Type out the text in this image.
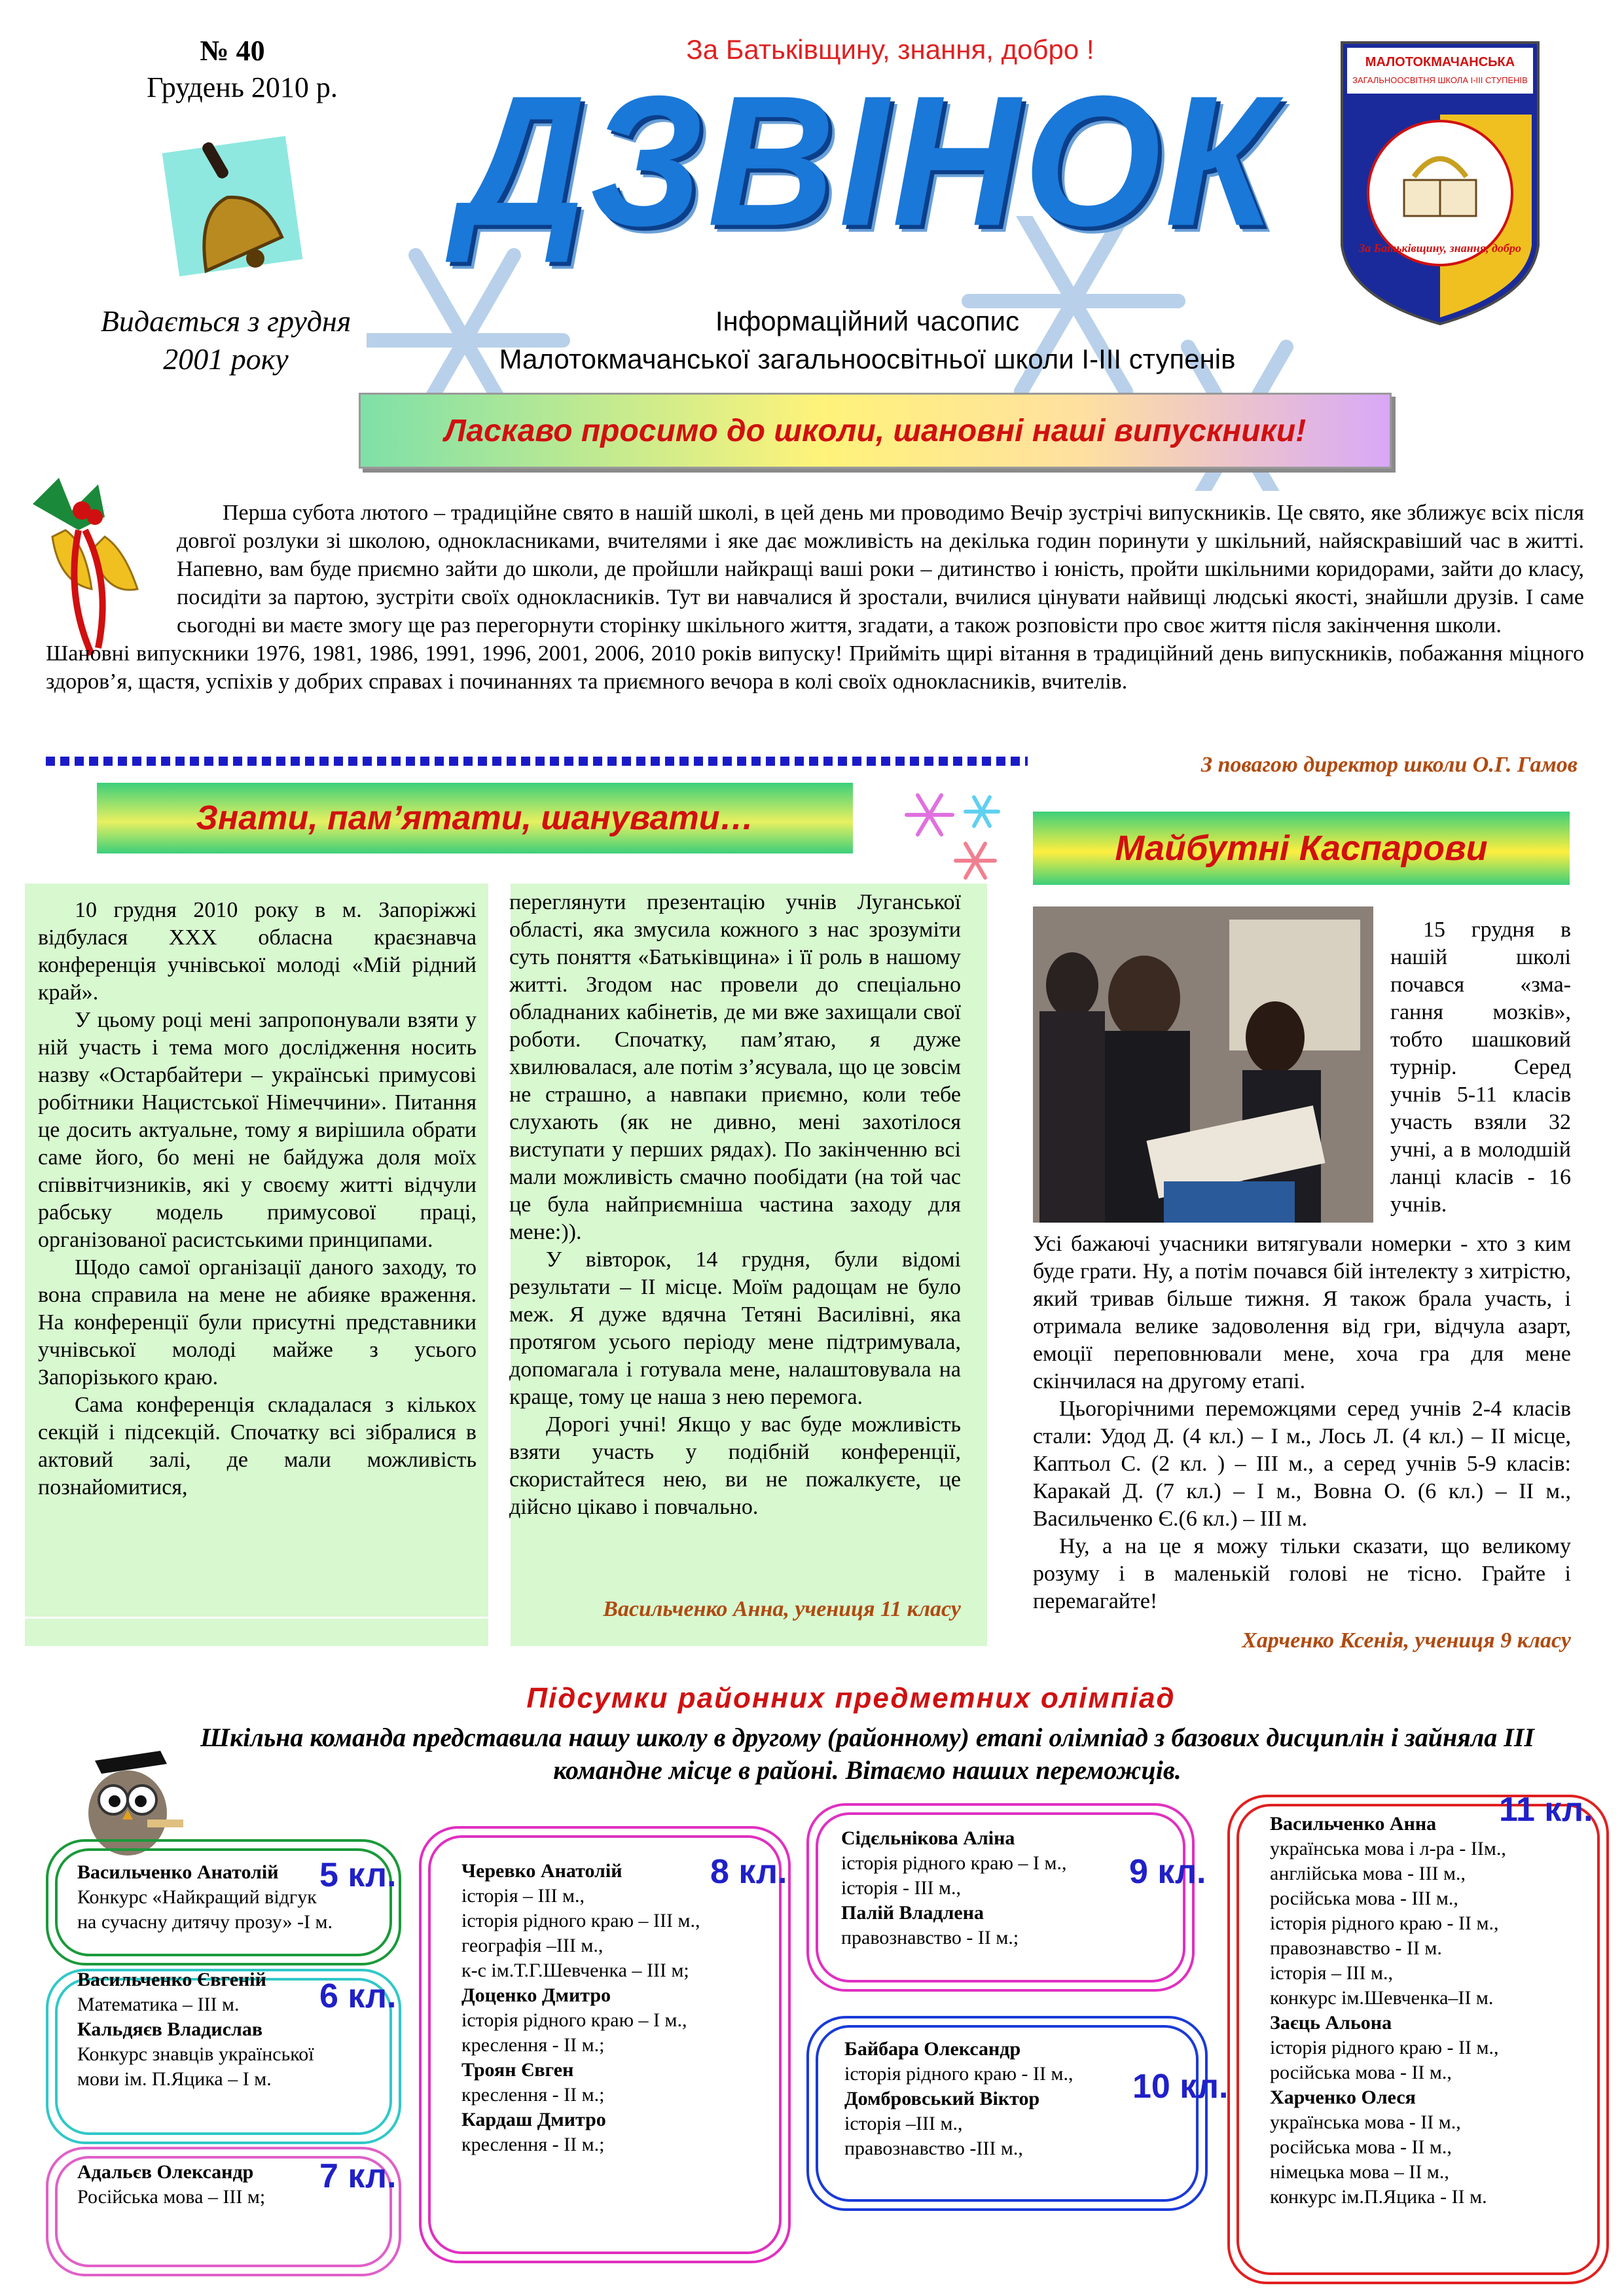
№ 40
Грудень 2010 р.
За Батьківщину, знання, добро !
ДЗВІНОК	МАЛОТОКМАЧАНСЬКА
ЗАГАЛЬНООСВІТНЯ ШКОЛА І-ІІІ СТУПЕНІВ
За Батьківщину, знання, добро
Видається з грудня
2001 року
Інформаційний часопис
Малотокмачанської загальноосвітньої школи І-ІІІ ступенів
Ласкаво просимо до школи, шановні наші випускники!

Перша субота лютого – традиційне свято в нашій школі, в цей день ми проводимо Вечір зустрічі випускників. Це свято, яке зближує всіх після довгої розлуки зі школою, однокласниками, вчителями і яке дає можливість на декілька годин поринути у шкільний, найяскравіший час в житті. Напевно, вам буде приємно зайти до школи, де пройшли найкращі ваші роки – дитинство і юність, пройти шкільними коридорами, зайти до класу, посидіти за партою, зустріти своїх однокласників. Тут ви навчалися й зростали, вчилися цінувати найвищі людські якості, знайшли друзів. І саме сьогодні ви маєте змогу ще раз перегорнути сторінку шкільного життя, згадати, а також розповісти про своє життя після закінчення школи.

Шановні випускники 1976, 1981, 1986, 1991, 1996, 2001, 2006, 2010 років випуску! Прийміть щирі вітання в традиційний день випускників, побажання міцного здоров’я, щастя, успіхів у добрих справах і починаннях та приємного вечора в колі своїх однокласників, вчителів.

З повагою директор школи О.Г. Гамов
Знати, пам’ятати, шанувати…

10 грудня 2010 року в м. Запоріжжі відбулася XXX обласна краєзнавча конференція учнівської молоді «Мій рідний край».

У цьому році мені запропонували взяти у ній участь і тема мого дослідження носить назву «Остарбайтери – українські примусові робітники Нацистської Німеччини». Питання це досить актуальне, тому я вирішила обрати саме його, бо мені не байдужа доля моїх співвітчизників, які у своєму житті відчули рабську модель примусової праці, організованої расистськими принципами.

Щодо самої організації даного заходу, то вона справила на мене не абияке враження. На конференції були присутні представники учнівської молоді майже з усього Запорізького краю.

Сама конференція складалася з кількох секцій і підсекцій. Спочатку всі зібралися в актовий залі, де мали можливість познайомитися,

переглянути презентацію учнів Луганської області, яка змусила кожного з нас зрозуміти суть поняття «Батьківщина» і її роль в нашому житті. Згодом нас провели до спеціально обладнаних кабінетів, де ми вже захищали свої роботи. Спочатку, пам’ятаю, я дуже хвилювалася, але потім з’ясувала, що це зовсім не страшно, а навпаки приємно, коли тебе слухають (як не дивно, мені захотілося виступати у перших рядах). По закінченню всі мали можливість смачно пообідати (на той час це була найприємніша частина заходу для мене:)).

У вівторок, 14 грудня, були відомі результати – ІІ місце. Моїм радощам не було меж. Я дуже вдячна Тетяні Василівні, яка протягом усього періоду мене підтримувала, допомагала і готувала мене, налаштовувала на краще, тому це наша з нею перемога.

Дорогі учні! Якщо у вас буде можливість взяти участь у подібній конференції, скористайтеся нею, ви не пожалкуєте, це дійсно цікаво і повчально.

Васильченко Анна, учениця 11 класу
Майбутні Каспарови

15 грудня в нашій школі почався «зма-гання мозків», тобто шашковий турнір. Серед учнів 5-11 класів участь взяли 32 учні, а в молодшій ланці класів - 16 учнів.

Усі бажаючі учасники витягували номерки - хто з ким буде грати. Ну, а потім почався бій інтелекту з хитрістю, який тривав більше тижня. Я також брала участь, і отримала велике задоволення від гри, відчула азарт, емоції переповнювали мене, хоча гра для мене скінчилася на другому етапі.

Цьогорічними переможцями серед учнів 2-4 класів стали: Удод Д. (4 кл.) – І м., Лось Л. (4 кл.) – ІІ місце, Каптьол С. (2 кл. ) – ІІІ м., а серед учнів 5-9 класів: Каракай Д. (7 кл.) – І м., Вовна О. (6 кл.) – ІІ м., Васильченко Є.(6 кл.) – ІІІ м.

Ну, а на це я можу тільки сказати, що великому розуму і в маленькій голові не тісно. Грайте і перемагайте!

Харченко Ксенія, учениця 9 класу
Підсумки районних предметних олімпіад
Шкільна команда представила нашу школу в другому (районному) етапі олімпіад з базових дисциплін і зайняла ІІІ командне місце в районі. Вітаємо наших переможців.
Васильченко Анатолій
Конкурс «Найкращий відгук
на сучасну дитячу прозу» -І м.
5 кл.
Васильченко Євгеній
Математика – ІІІ м.
Кальдяєв Владислав
Конкурс знавців української
мови ім. П.Яцика – І м.
6 кл.
Адальєв Олександр
Російська мова – ІІІ м;
7 кл.
Черевко Анатолій
історія – ІІІ м.,
історія рідного краю – ІІІ м.,
географія –ІІІ м.,
к-с ім.Т.Г.Шевченка – ІІІ м;
Доценко Дмитро
історія рідного краю – І м.,
креслення - ІІ м.;
Троян Євген
креслення - ІІ м.;
Кардаш Дмитро
креслення - ІІ м.;
8 кл.
Сідєльнікова Аліна
історія рідного краю – І м.,
історія - ІІІ м.,
Палій Владлена
правознавство - ІІ м.;
9 кл.
Байбара Олександр
історія рідного краю - ІІ м.,
Домбровський Віктор
історія –ІІІ м.,
правознавство -ІІІ м.,
10 кл.
Васильченко Анна
українська мова і л-ра - ІІм.,
англійська мова - ІІІ м.,
російська мова - ІІІ м.,
історія рідного краю - ІІ м.,
правознавство - ІІ м.
історія – ІІІ м.,
конкурс ім.Шевченка–ІІ м.
Заєць Альона
історія рідного краю - ІІ м.,
російська мова - ІІ м.,
Харченко Олеся
українська мова - ІІ м.,
російська мова - ІІ м.,
німецька мова – ІІ м.,
конкурс ім.П.Яцика - ІІ м.
11 кл.
